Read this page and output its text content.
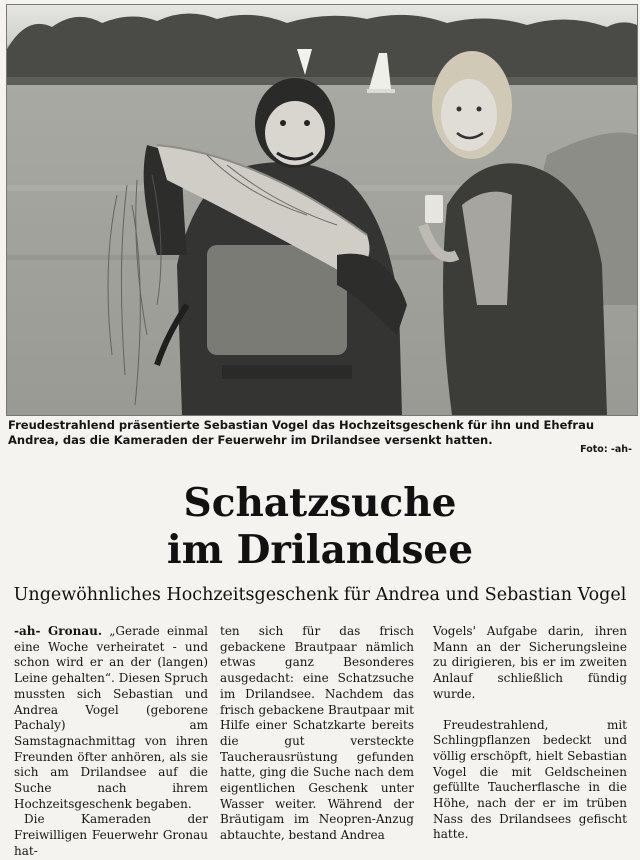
Freudestrahlend präsentierte Sebastian Vogel das Hochzeitsgeschenk für ihn und Ehefrau Andrea, das die Kameraden der Feuerwehr im Drilandsee versenkt hatten.
Foto: -ah-
Schatzsuche
im Drilandsee
Ungewöhnliches Hochzeitsgeschenk für Andrea und Sebastian Vogel

-ah- Gronau. „Gerade einmal eine Woche verheiratet - und schon wird er an der (langen) Leine gehalten“. Diesen Spruch mussten sich Sebastian und Andrea Vogel (geborene Pachaly) am Samstagnachmittag von ihren Freunden öfter anhören, als sie sich am Drilandsee auf die Suche nach ihrem Hochzeitsgeschenk begaben.

Die Kameraden der Freiwilligen Feuerwehr Gronau hat-

ten sich für das frisch gebackene Brautpaar nämlich etwas ganz Besonderes ausgedacht: eine Schatzsuche im Drilandsee. Nachdem das frisch gebackene Brautpaar mit Hilfe einer Schatzkarte bereits die gut versteckte Taucherausrüstung gefunden hatte, ging die Suche nach dem eigentlichen Geschenk unter Wasser weiter. Während der Bräutigam im Neopren-Anzug abtauchte, bestand Andrea

Vogels' Aufgabe darin, ihren Mann an der Sicherungsleine zu dirigieren, bis er im zweiten Anlauf schließlich fündig wurde.

Freudestrahlend, mit Schlingpflanzen bedeckt und völlig erschöpft, hielt Sebastian Vogel die mit Geldscheinen gefüllte Taucherflasche in die Höhe, nach der er im trüben Nass des Drilandsees gefischt hatte.
